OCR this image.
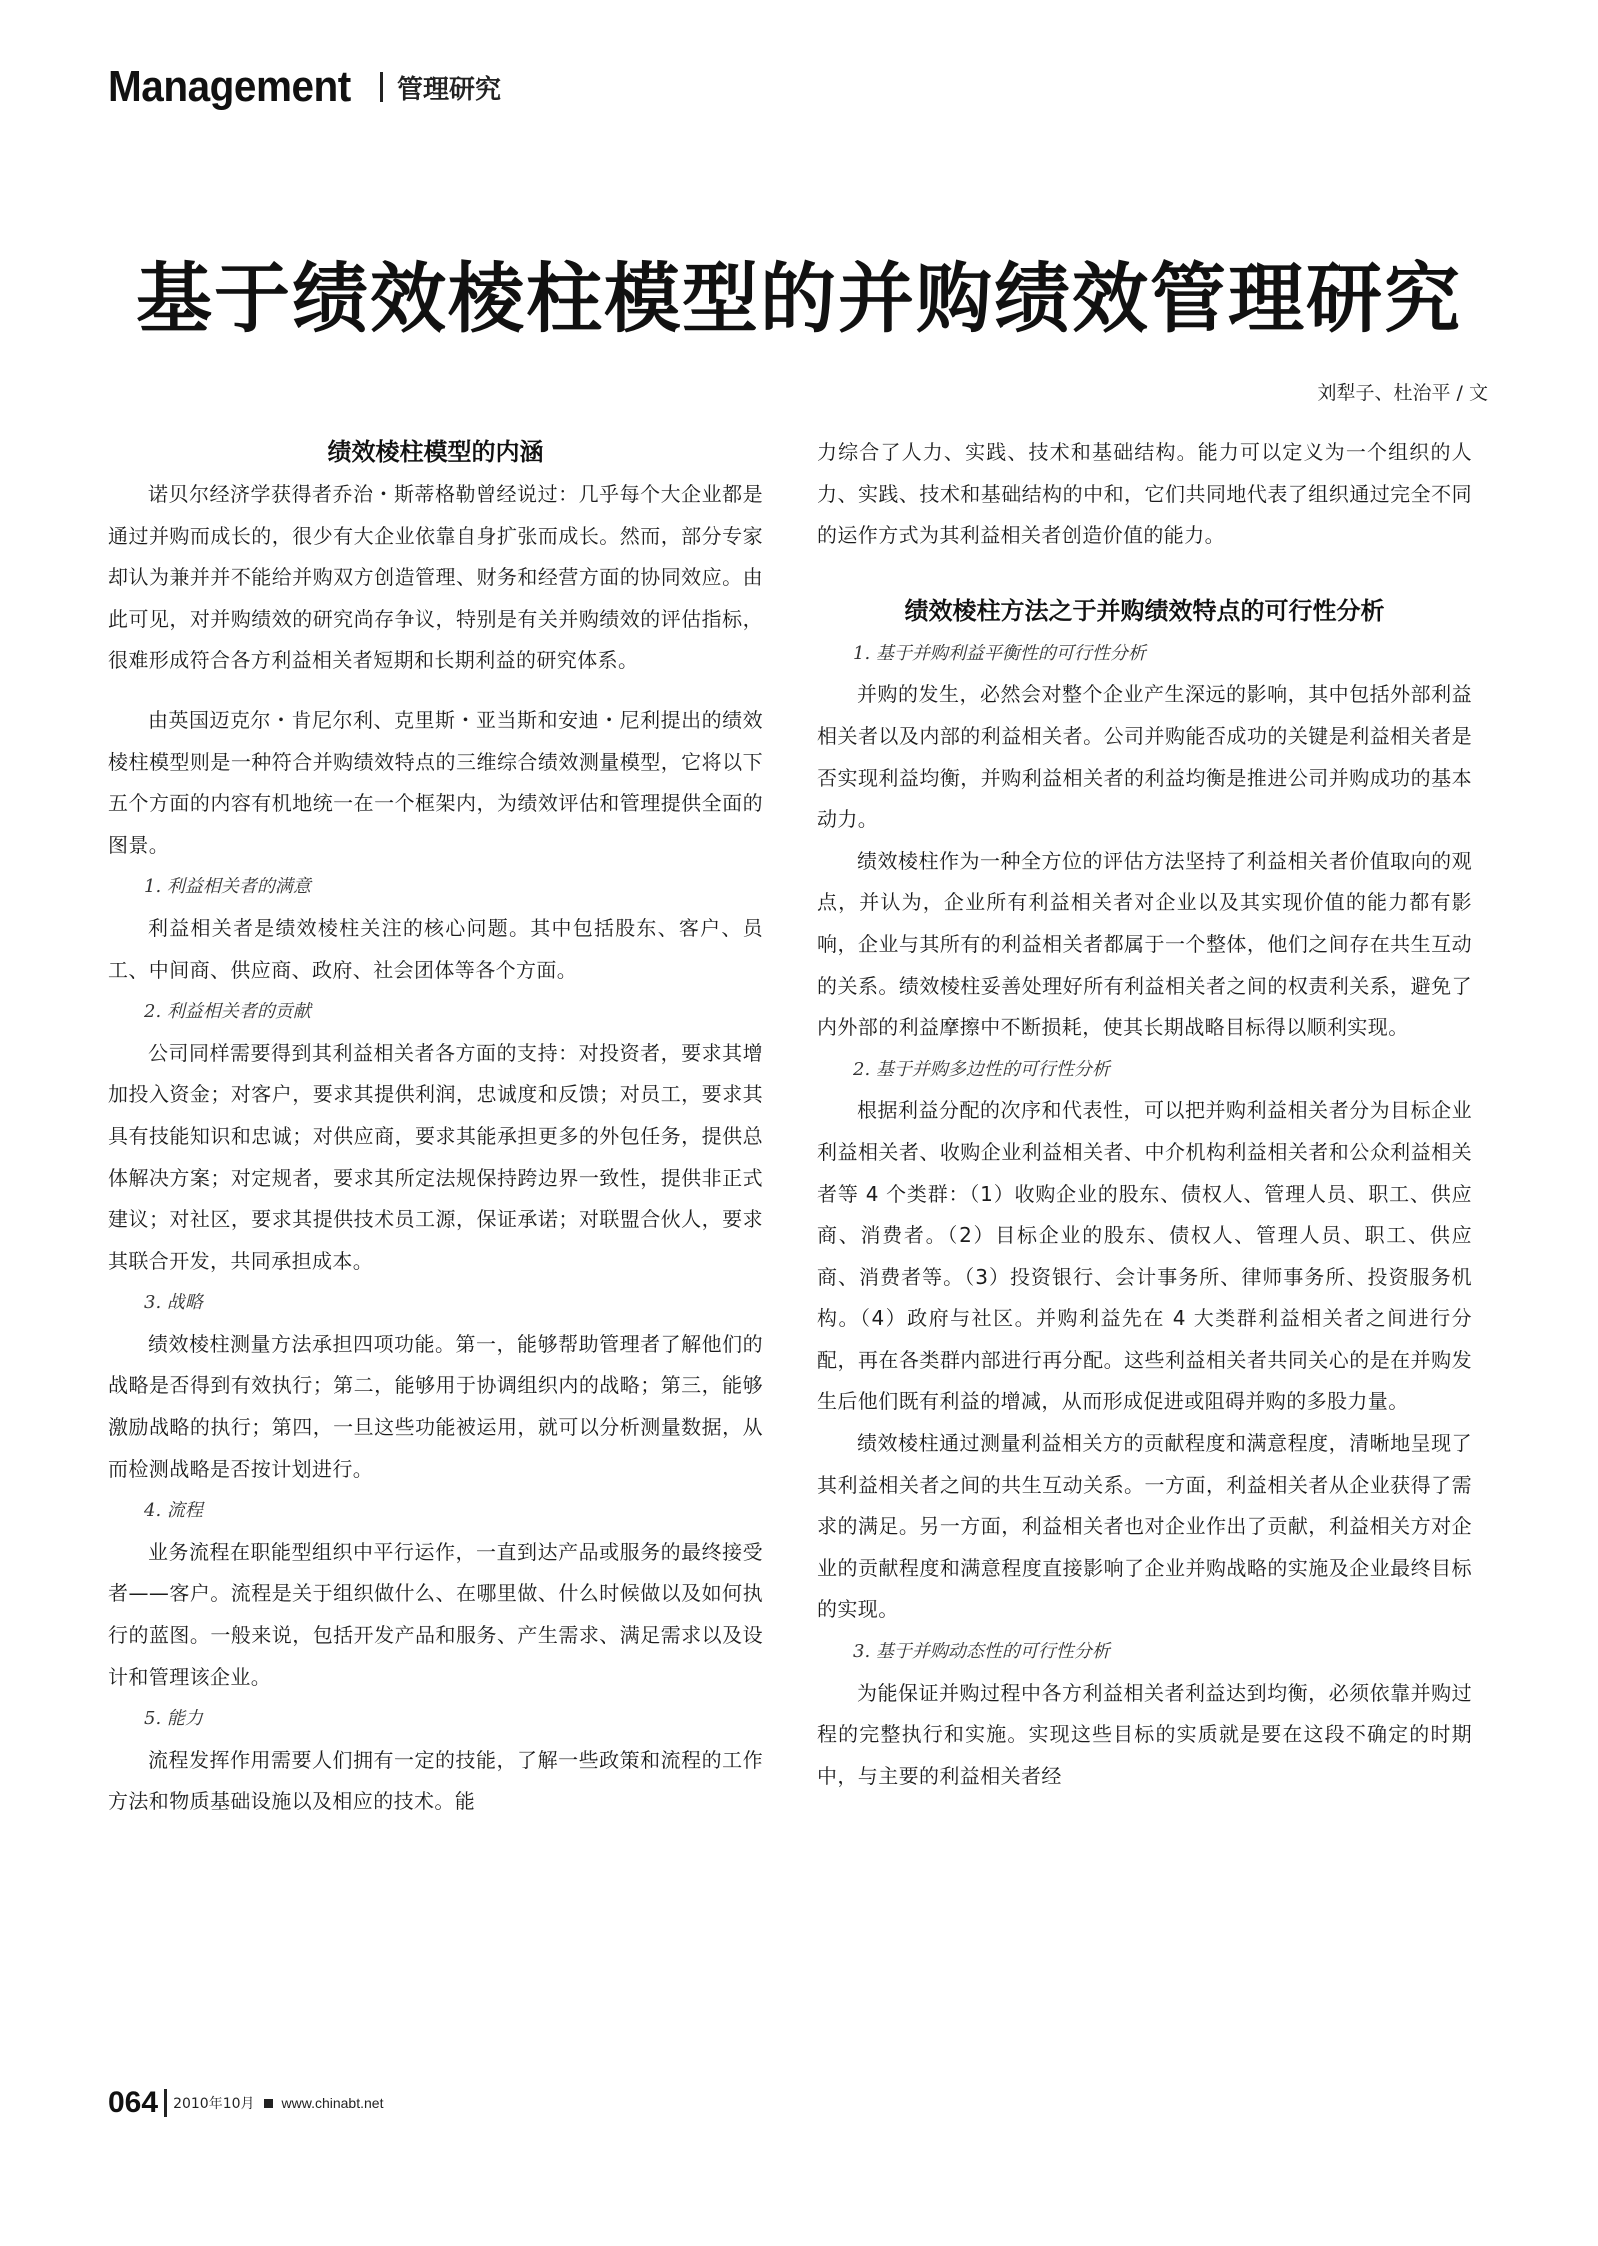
Management 管理研究
基于绩效棱柱模型的并购绩效管理研究
刘犁子、杜治平 / 文
绩效棱柱模型的内涵

诺贝尔经济学获得者乔治・斯蒂格勒曾经说过：几乎每个大企业都是通过并购而成长的，很少有大企业依靠自身扩张而成长。然而，部分专家却认为兼并并不能给并购双方创造管理、财务和经营方面的协同效应。由此可见，对并购绩效的研究尚存争议，特别是有关并购绩效的评估指标，很难形成符合各方利益相关者短期和长期利益的研究体系。

由英国迈克尔・肯尼尔利、克里斯・亚当斯和安迪・尼利提出的绩效棱柱模型则是一种符合并购绩效特点的三维综合绩效测量模型，它将以下五个方面的内容有机地统一在一个框架内，为绩效评估和管理提供全面的图景。

1. 利益相关者的满意

利益相关者是绩效棱柱关注的核心问题。其中包括股东、客户、员工、中间商、供应商、政府、社会团体等各个方面。

2. 利益相关者的贡献

公司同样需要得到其利益相关者各方面的支持：对投资者，要求其增加投入资金；对客户，要求其提供利润，忠诚度和反馈；对员工，要求其具有技能知识和忠诚；对供应商，要求其能承担更多的外包任务，提供总体解决方案；对定规者，要求其所定法规保持跨边界一致性，提供非正式建议；对社区，要求其提供技术员工源，保证承诺；对联盟合伙人，要求其联合开发，共同承担成本。

3. 战略

绩效棱柱测量方法承担四项功能。第一，能够帮助管理者了解他们的战略是否得到有效执行；第二，能够用于协调组织内的战略；第三，能够激励战略的执行；第四，一旦这些功能被运用，就可以分析测量数据，从而检测战略是否按计划进行。

4. 流程

业务流程在职能型组织中平行运作，一直到达产品或服务的最终接受者——客户。流程是关于组织做什么、在哪里做、什么时候做以及如何执行的蓝图。一般来说，包括开发产品和服务、产生需求、满足需求以及设计和管理该企业。

5. 能力

流程发挥作用需要人们拥有一定的技能，了解一些政策和流程的工作方法和物质基础设施以及相应的技术。能

力综合了人力、实践、技术和基础结构。能力可以定义为一个组织的人力、实践、技术和基础结构的中和，它们共同地代表了组织通过完全不同的运作方式为其利益相关者创造价值的能力。

绩效棱柱方法之于并购绩效特点的可行性分析

1. 基于并购利益平衡性的可行性分析

并购的发生，必然会对整个企业产生深远的影响，其中包括外部利益相关者以及内部的利益相关者。公司并购能否成功的关键是利益相关者是否实现利益均衡，并购利益相关者的利益均衡是推进公司并购成功的基本动力。

绩效棱柱作为一种全方位的评估方法坚持了利益相关者价值取向的观点，并认为，企业所有利益相关者对企业以及其实现价值的能力都有影响，企业与其所有的利益相关者都属于一个整体，他们之间存在共生互动的关系。绩效棱柱妥善处理好所有利益相关者之间的权责利关系，避免了内外部的利益摩擦中不断损耗，使其长期战略目标得以顺利实现。

2. 基于并购多边性的可行性分析

根据利益分配的次序和代表性，可以把并购利益相关者分为目标企业利益相关者、收购企业利益相关者、中介机构利益相关者和公众利益相关者等 4 个类群：（1）收购企业的股东、债权人、管理人员、职工、供应商、消费者。（2）目标企业的股东、债权人、管理人员、职工、供应商、消费者等。（3）投资银行、会计事务所、律师事务所、投资服务机构。（4）政府与社区。并购利益先在 4 大类群利益相关者之间进行分配，再在各类群内部进行再分配。这些利益相关者共同关心的是在并购发生后他们既有利益的增减，从而形成促进或阻碍并购的多股力量。

绩效棱柱通过测量利益相关方的贡献程度和满意程度，清晰地呈现了其利益相关者之间的共生互动关系。一方面，利益相关者从企业获得了需求的满足。另一方面，利益相关者也对企业作出了贡献，利益相关方对企业的贡献程度和满意程度直接影响了企业并购战略的实施及企业最终目标的实现。

3. 基于并购动态性的可行性分析

为能保证并购过程中各方利益相关者利益达到均衡，必须依靠并购过程的完整执行和实施。实现这些目标的实质就是要在这段不确定的时期中，与主要的利益相关者经

064 2010年10月 www.chinabt.net
